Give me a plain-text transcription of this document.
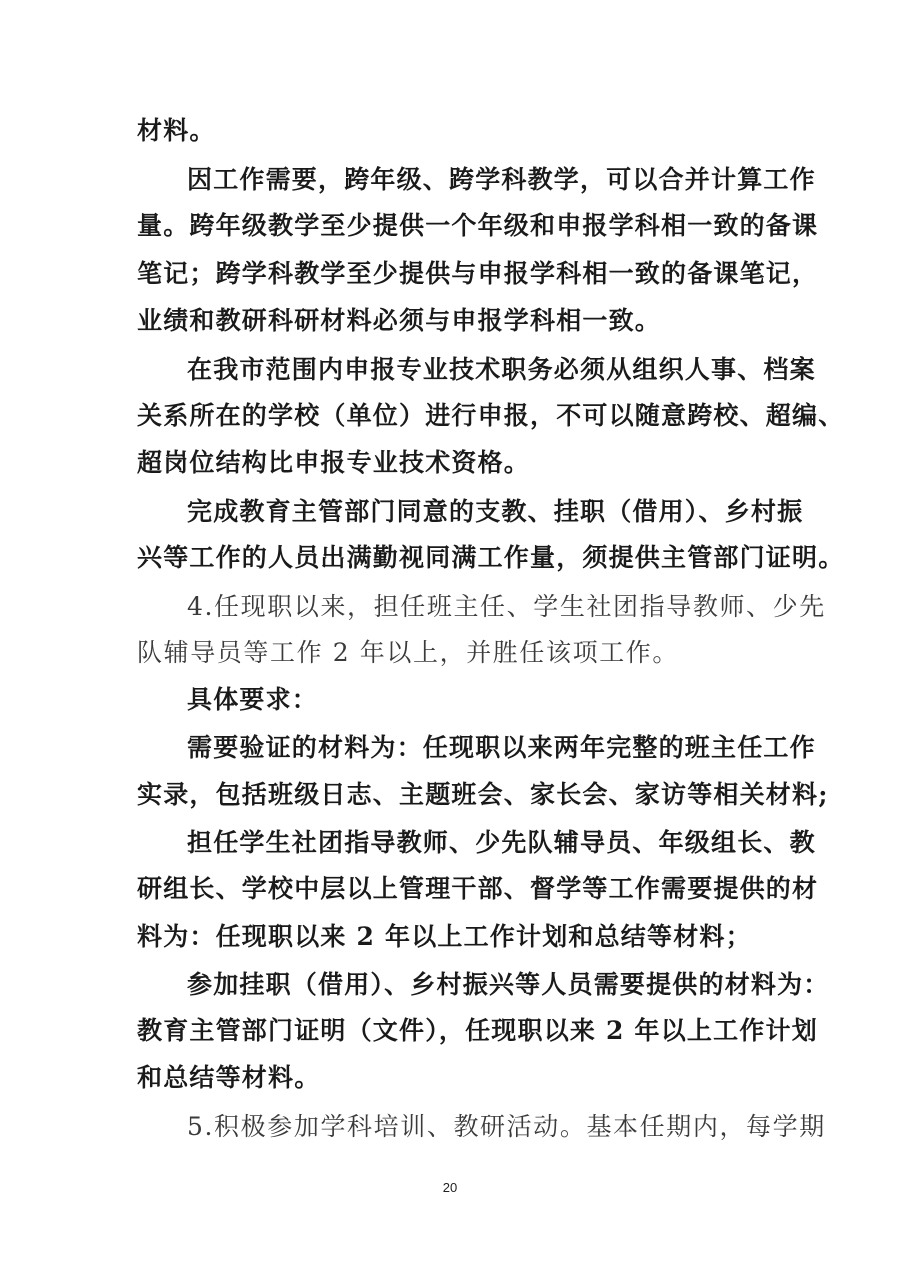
材料。
因工作需要，跨年级、跨学科教学，可以合并计算工作
量。跨年级教学至少提供一个年级和申报学科相一致的备课
笔记；跨学科教学至少提供与申报学科相一致的备课笔记，
业绩和教研科研材料必须与申报学科相一致。
在我市范围内申报专业技术职务必须从组织人事、档案
关系所在的学校（单位）进行申报，不可以随意跨校、超编、
超岗位结构比申报专业技术资格。
完成教育主管部门同意的支教、挂职（借用）、乡村振
兴等工作的人员出满勤视同满工作量，须提供主管部门证明。
4.任现职以来，担任班主任、学生社团指导教师、少先
队辅导员等工作 2 年以上，并胜任该项工作。
具体要求：
需要验证的材料为：任现职以来两年完整的班主任工作
实录，包括班级日志、主题班会、家长会、家访等相关材料;
担任学生社团指导教师、少先队辅导员、年级组长、教
研组长、学校中层以上管理干部、督学等工作需要提供的材
料为：任现职以来 2 年以上工作计划和总结等材料；
参加挂职（借用）、乡村振兴等人员需要提供的材料为：
教育主管部门证明（文件），任现职以来 2 年以上工作计划
和总结等材料。
5.积极参加学科培训、教研活动。基本任期内，每学期
20
